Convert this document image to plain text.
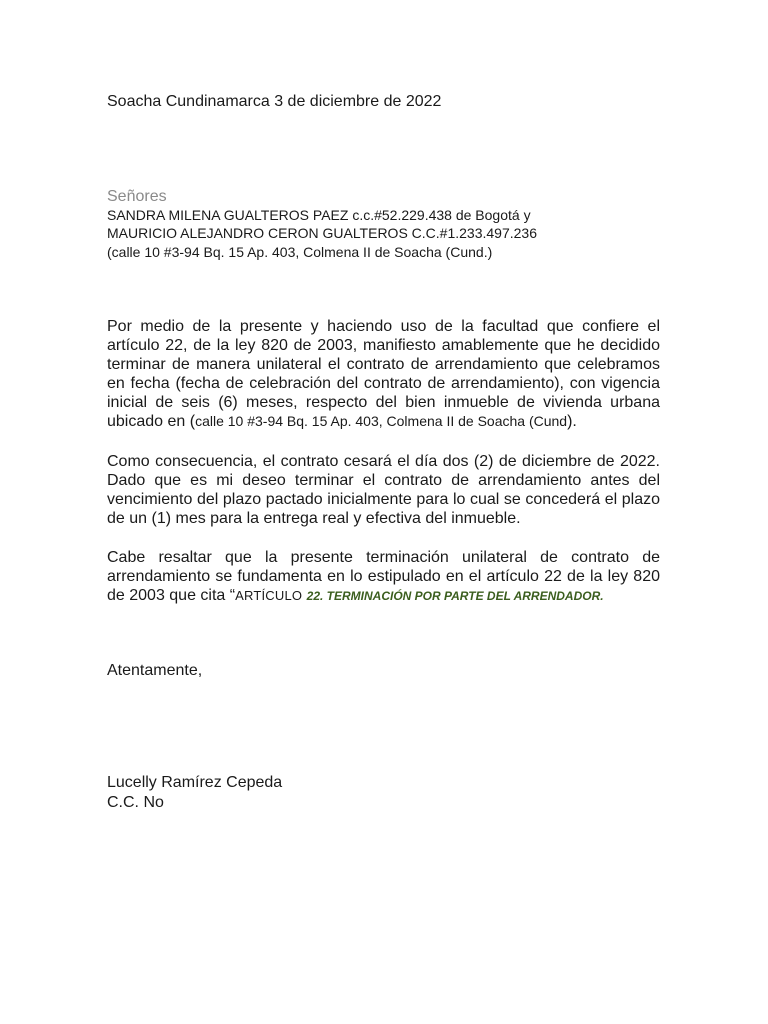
Soacha Cundinamarca 3 de diciembre de 2022
Señores
SANDRA MILENA GUALTEROS PAEZ c.c.#52.229.438 de Bogotá y
MAURICIO ALEJANDRO CERON GUALTEROS C.C.#1.233.497.236
(calle 10 #3-94 Bq. 15 Ap. 403, Colmena II de Soacha (Cund.)

Por medio de la presente y haciendo uso de la facultad que confiere el artículo 22, de la ley 820 de 2003, manifiesto amablemente que he decidido terminar de manera unilateral el contrato de arrendamiento que celebramos en fecha (fecha de celebración del contrato de arrendamiento), con vigencia inicial de seis (6) meses, respecto del bien inmueble de vivienda urbana ubicado en (calle 10 #3-94 Bq. 15 Ap. 403, Colmena II de Soacha (Cund).

Como consecuencia, el contrato cesará el día dos (2) de diciembre de 2022. Dado que es mi deseo terminar el contrato de arrendamiento antes del vencimiento del plazo pactado inicialmente para lo cual se concederá el plazo de un (1) mes para la entrega real y efectiva del inmueble.

Cabe resaltar que la presente terminación unilateral de contrato de arrendamiento se fundamenta en lo estipulado en el artículo 22 de la ley 820 de 2003 que cita “ARTÍCULO 22. TERMINACIÓN POR PARTE DEL ARRENDADOR.

Atentamente,
Lucelly Ramírez Cepeda
C.C. No
